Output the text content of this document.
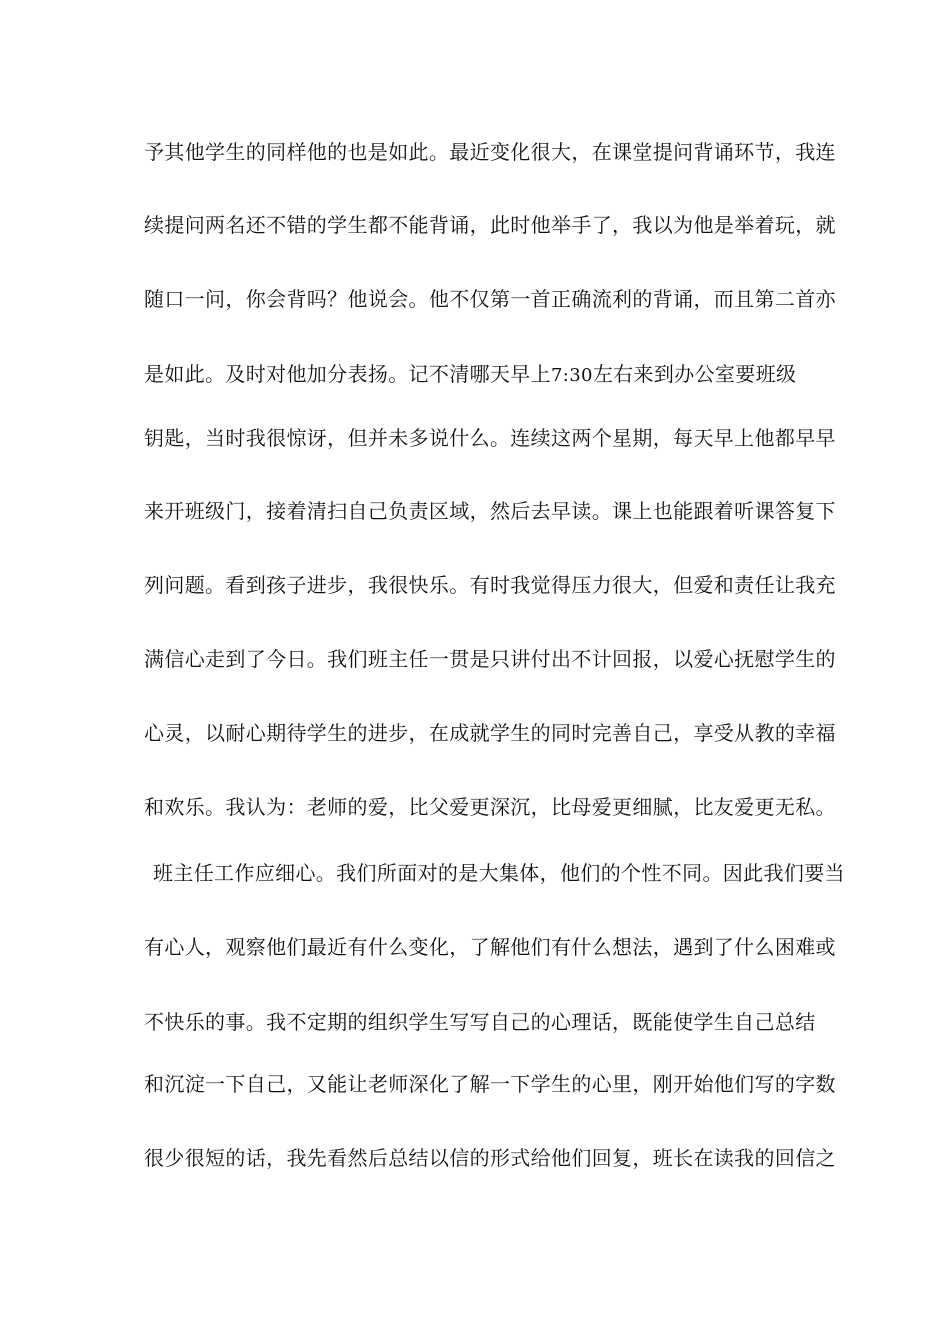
予其他学生的同样他的也是如此。最近变化很大，在课堂提问背诵环节，我连
续提问两名还不错的学生都不能背诵，此时他举手了，我以为他是举着玩，就
随口一问，你会背吗？他说会。他不仅第一首正确流利的背诵，而且第二首亦
是如此。及时对他加分表扬。记不清哪天早上7:30左右来到办公室要班级
钥匙，当时我很惊讶，但并未多说什么。连续这两个星期，每天早上他都早早
来开班级门，接着清扫自己负责区域，然后去早读。课上也能跟着听课答复下
列问题。看到孩子进步，我很快乐。有时我觉得压力很大，但爱和责任让我充
满信心走到了今日。我们班主任一贯是只讲付出不计回报，以爱心抚慰学生的
心灵，以耐心期待学生的进步，在成就学生的同时完善自己，享受从教的幸福
和欢乐。我认为：老师的爱，比父爱更深沉，比母爱更细腻，比友爱更无私。
班主任工作应细心。我们所面对的是大集体，他们的个性不同。因此我们要当
有心人，观察他们最近有什么变化，了解他们有什么想法，遇到了什么困难或
不快乐的事。我不定期的组织学生写写自己的心理话，既能使学生自己总结
和沉淀一下自己，又能让老师深化了解一下学生的心里，刚开始他们写的字数
很少很短的话，我先看然后总结以信的形式给他们回复，班长在读我的回信之
